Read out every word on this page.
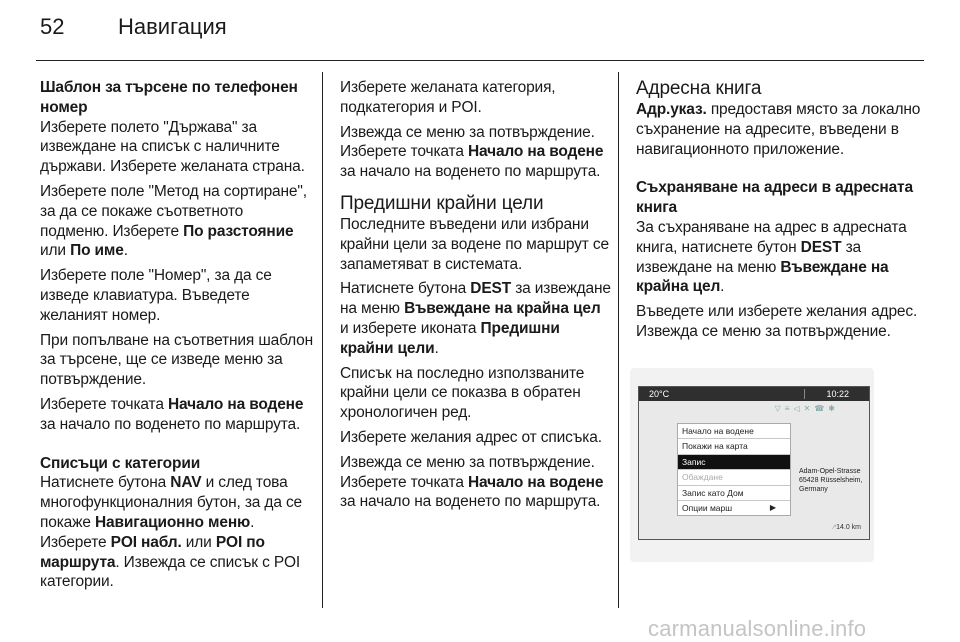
52 Навигация
Шаблон за търсене по телефонен номер

Изберете полето "Държава" за извеждане на списък с наличните държави. Изберете желаната страна.

Изберете поле "Метод на сортиране", за да се покаже съответното подменю. Изберете По разстояние или По име.

Изберете поле "Номер", за да се изведе клавиатура. Въведете желаният номер.

При попълване на съответния шаблон за търсене, ще се изведе меню за потвърждение.

Изберете точката Начало на водене за начало по воденето по маршрута.

Списъци с категории

Натиснете бутона NAV и след това многофункционалния бутон, за да се покаже Навигационно меню. Изберете POI набл. или POI по маршрута. Извежда се списък с POI категории.

Изберете желаната категория, подкатегория и POI.

Извежда се меню за потвърждение. Изберете точката Начало на водене за начало на воденето по маршрута.

Предишни крайни цели

Последните въведени или избрани крайни цели за водене по маршрут се запаметяват в системата.

Натиснете бутона DEST за извеждане на меню Въвеждане на крайна цел и изберете иконата Предишни крайни цели.

Списък на последно използваните крайни цели се показва в обратен хронологичен ред.

Изберете желания адрес от списъка.

Извежда се меню за потвърждение. Изберете точката Начало на водене за начало на воденето по маршрута.

Адресна книга

Адр.указ. предоставя място за локално съхранение на адресите, въведени в навигационното приложение.

Съхраняване на адреси в адресната книга

За съхраняване на адрес в адресната книга, натиснете бутон DEST за извеждане на меню Въвеждане на крайна цел.

Въведете или изберете желания адрес. Извежда се меню за потвърждение.

20°C	10:22
▽≡◁✕☎✱
Начало на водене
Покажи на карта
Запис
Обаждане
Запис като Дом
Опции марш	▶
Adam-Opel-Strasse
65428 Rüsselsheim, Germany
↗ 14.0 km
carmanualsonline.info
